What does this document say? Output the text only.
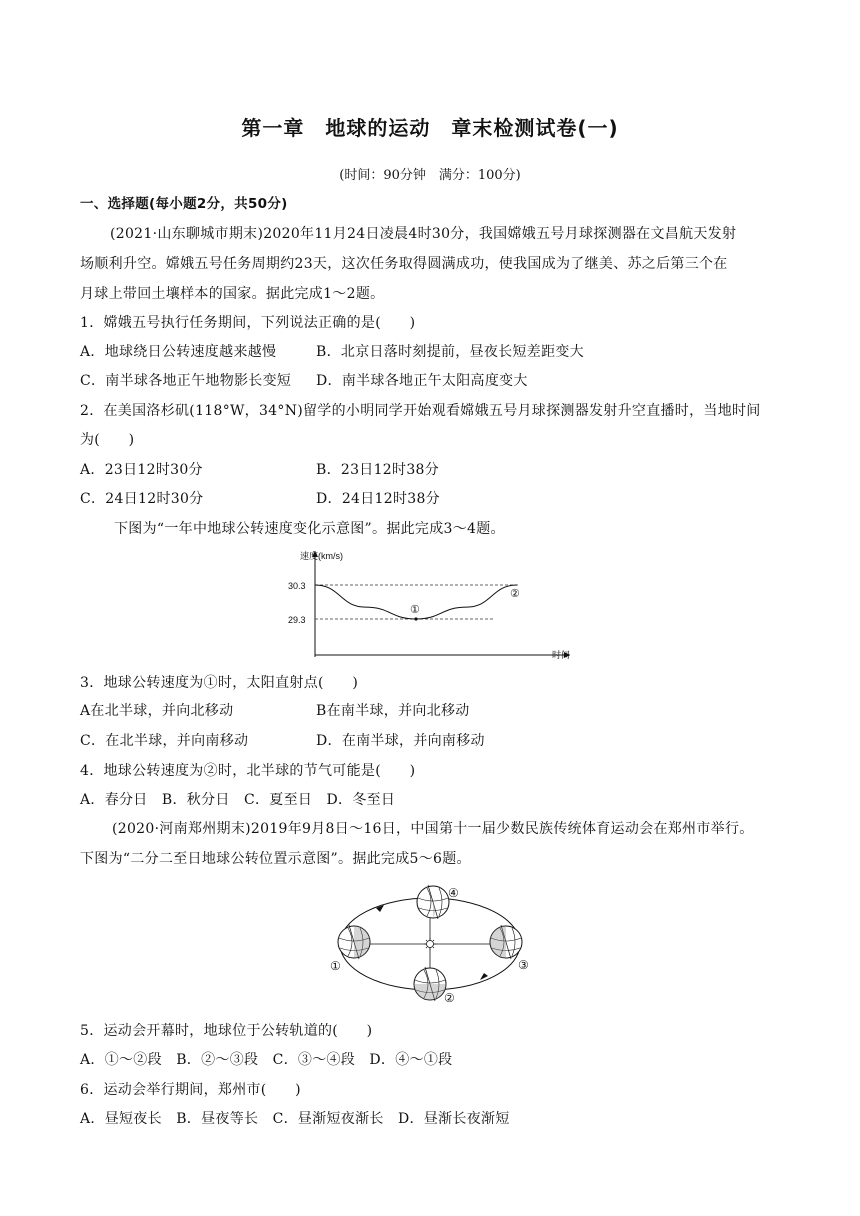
第一章　地球的运动　章末检测试卷(一)
(时间：90分钟　满分：100分)
一、选择题(每小题2分，共50分)
(2021·山东聊城市期末)2020年11月24日凌晨4时30分，我国嫦娥五号月球探测器在文昌航天发射
场顺利升空。嫦娥五号任务周期约23天，这次任务取得圆满成功，使我国成为了继美、苏之后第三个在
月球上带回土壤样本的国家。据此完成1～2题。
1．嫦娥五号执行任务期间，下列说法正确的是(　　)
A．地球绕日公转速度越来越慢	B．北京日落时刻提前，昼夜长短差距变大
C．南半球各地正午地物影长变短 D．南半球各地正午太阳高度变大
2．在美国洛杉矶(118°W，34°N)留学的小明同学开始观看嫦娥五号月球探测器发射升空直播时，当地时间
为(　　)
A．23日12时30分	B．23日12时38分
C．24日12时30分	D．24日12时38分
下图为“一年中地球公转速度变化示意图”。据此完成3～4题。
速度(km/s)
时间
30.3
29.3
①
②
3．地球公转速度为①时，太阳直射点(　　)
A在北半球，并向北移动	B在南半球，并向北移动
C．在北半球，并向南移动	D．在南半球，并向南移动
4．地球公转速度为②时，北半球的节气可能是(　　)
A．春分日　B．秋分日　C．夏至日　D．冬至日
(2020·河南郑州期末)2019年9月8日～16日，中国第十一届少数民族传统体育运动会在郑州市举行。
下图为“二分二至日地球公转位置示意图”。据此完成5～6题。
①
②
③
④
5．运动会开幕时，地球位于公转轨道的(　　)
A．①～②段　B．②～③段　C．③～④段　D．④～①段
6．运动会举行期间，郑州市(　　)
A．昼短夜长　B．昼夜等长　C．昼渐短夜渐长　D．昼渐长夜渐短
